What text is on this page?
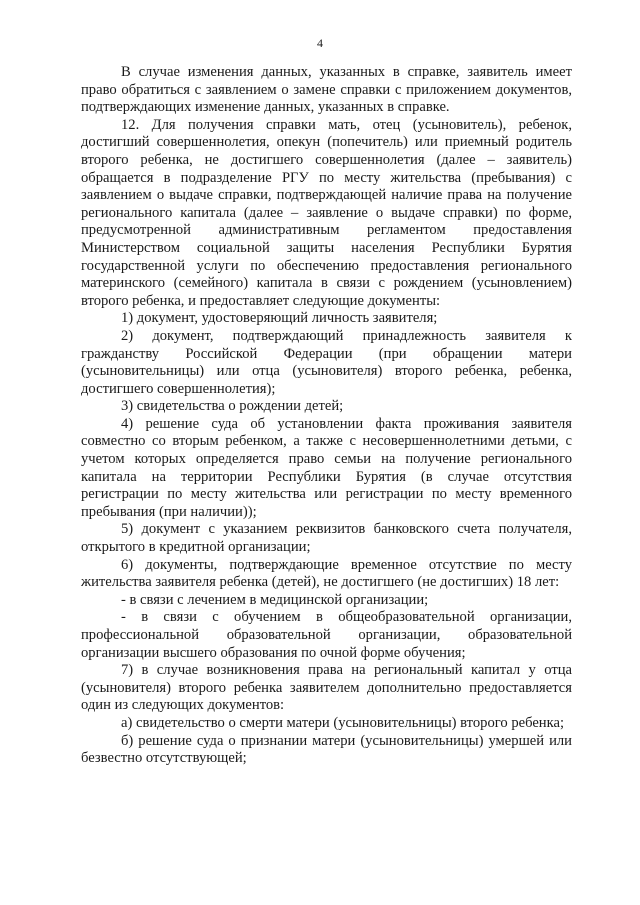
4

В случае изменения данных, указанных в справке, заявитель имеет право обратиться с заявлением о замене справки с приложением документов, подтверждающих изменение данных, указанных в справке.

12. Для получения справки мать, отец (усыновитель), ребенок, достигший совершеннолетия, опекун (попечитель) или приемный родитель второго ребенка, не достигшего совершеннолетия (далее – заявитель) обращается в подразделение РГУ по месту жительства (пребывания) с заявлением о выдаче справки, подтверждающей наличие права на получение регионального капитала (далее – заявление о выдаче справки) по форме, предусмотренной административным регламентом предоставления Министерством социальной защиты населения Республики Бурятия государственной услуги по обеспечению предоставления регионального материнского (семейного) капитала в связи с рождением (усыновлением) второго ребенка, и предоставляет следующие документы:

1) документ, удостоверяющий личность заявителя;

2) документ, подтверждающий принадлежность заявителя к гражданству Российской Федерации (при обращении матери (усыновительницы) или отца (усыновителя) второго ребенка, ребенка, достигшего совершеннолетия);

3) свидетельства о рождении детей;

4) решение суда об установлении факта проживания заявителя совместно со вторым ребенком, а также с несовершеннолетними детьми, с учетом которых определяется право семьи на получение регионального капитала на территории Республики Бурятия (в случае отсутствия регистрации по месту жительства или регистрации по месту временного пребывания (при наличии));

5) документ с указанием реквизитов банковского счета получателя, открытого в кредитной организации;

6) документы, подтверждающие временное отсутствие по месту жительства заявителя ребенка (детей), не достигшего (не достигших) 18 лет:

- в связи с лечением в медицинской организации;

- в связи с обучением в общеобразовательной организации, профессиональной образовательной организации, образовательной организации высшего образования по очной форме обучения;

7) в случае возникновения права на региональный капитал у отца (усыновителя) второго ребенка заявителем дополнительно предоставляется один из следующих документов:

а) свидетельство о смерти матери (усыновительницы) второго ребенка;

б) решение суда о признании матери (усыновительницы) умершей или безвестно отсутствующей;
